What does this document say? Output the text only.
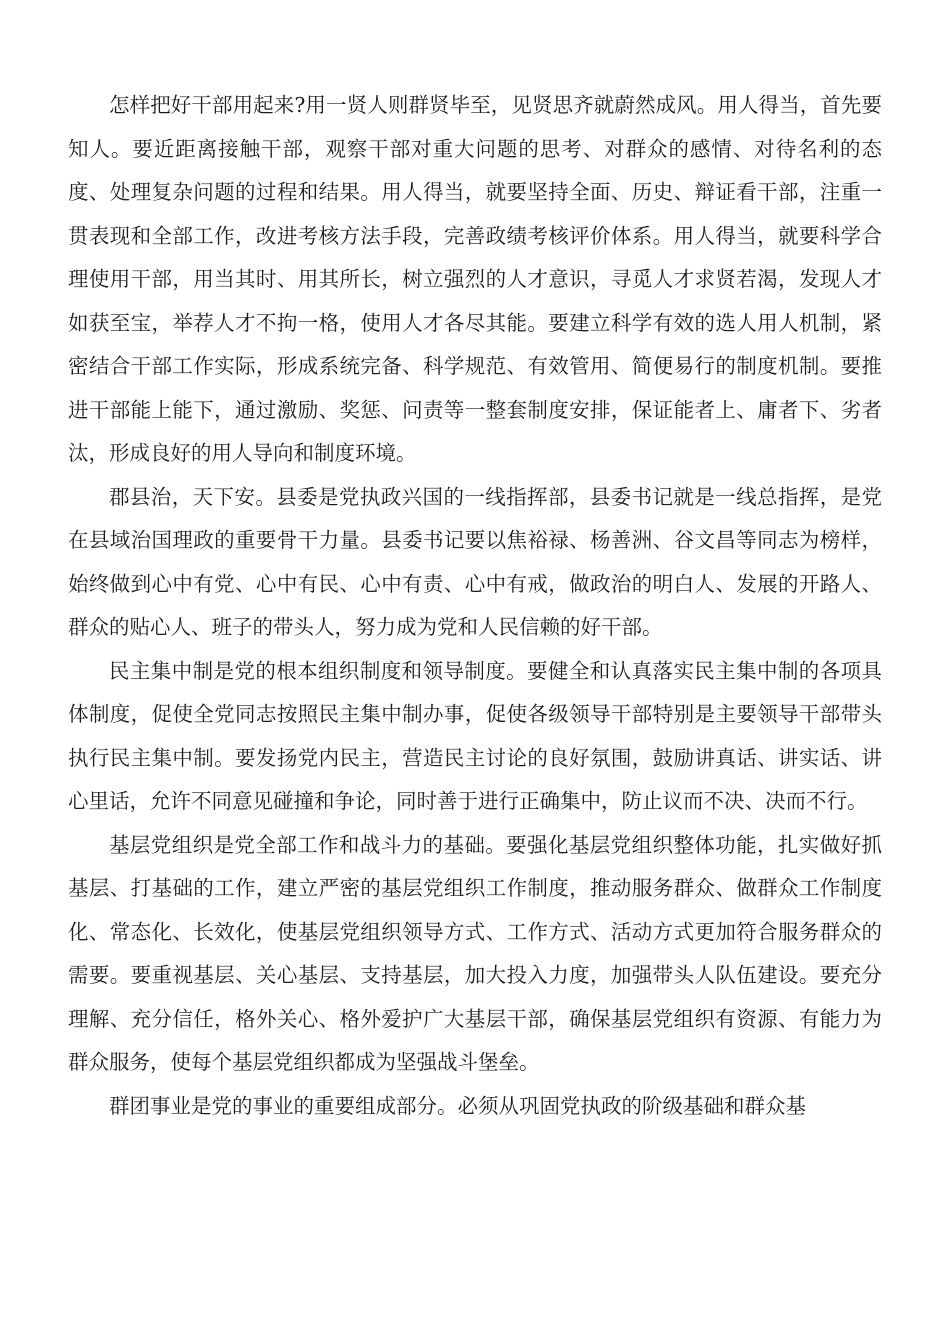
怎样把好干部用起来?用一贤人则群贤毕至，见贤思齐就蔚然成风。用人得当，首先要知人。要近距离接触干部，观察干部对重大问题的思考、对群众的感情、对待名利的态度、处理复杂问题的过程和结果。用人得当，就要坚持全面、历史、辩证看干部，注重一贯表现和全部工作，改进考核方法手段，完善政绩考核评价体系。用人得当，就要科学合理使用干部，用当其时、用其所长，树立强烈的人才意识，寻觅人才求贤若渴，发现人才如获至宝，举荐人才不拘一格，使用人才各尽其能。要建立科学有效的选人用人机制，紧密结合干部工作实际，形成系统完备、科学规范、有效管用、简便易行的制度机制。要推进干部能上能下，通过激励、奖惩、问责等一整套制度安排，保证能者上、庸者下、劣者汰，形成良好的用人导向和制度环境。

郡县治，天下安。县委是党执政兴国的一线指挥部，县委书记就是一线总指挥，是党在县域治国理政的重要骨干力量。县委书记要以焦裕禄、杨善洲、谷文昌等同志为榜样，始终做到心中有党、心中有民、心中有责、心中有戒，做政治的明白人、发展的开路人、群众的贴心人、班子的带头人，努力成为党和人民信赖的好干部。

民主集中制是党的根本组织制度和领导制度。要健全和认真落实民主集中制的各项具体制度，促使全党同志按照民主集中制办事，促使各级领导干部特别是主要领导干部带头执行民主集中制。要发扬党内民主，营造民主讨论的良好氛围，鼓励讲真话、讲实话、讲心里话，允许不同意见碰撞和争论，同时善于进行正确集中，防止议而不决、决而不行。

基层党组织是党全部工作和战斗力的基础。要强化基层党组织整体功能，扎实做好抓基层、打基础的工作，建立严密的基层党组织工作制度，推动服务群众、做群众工作制度化、常态化、长效化，使基层党组织领导方式、工作方式、活动方式更加符合服务群众的需要。要重视基层、关心基层、支持基层，加大投入力度，加强带头人队伍建设。要充分理解、充分信任，格外关心、格外爱护广大基层干部，确保基层党组织有资源、有能力为群众服务，使每个基层党组织都成为坚强战斗堡垒。

群团事业是党的事业的重要组成部分。必须从巩固党执政的阶级基础和群众基
